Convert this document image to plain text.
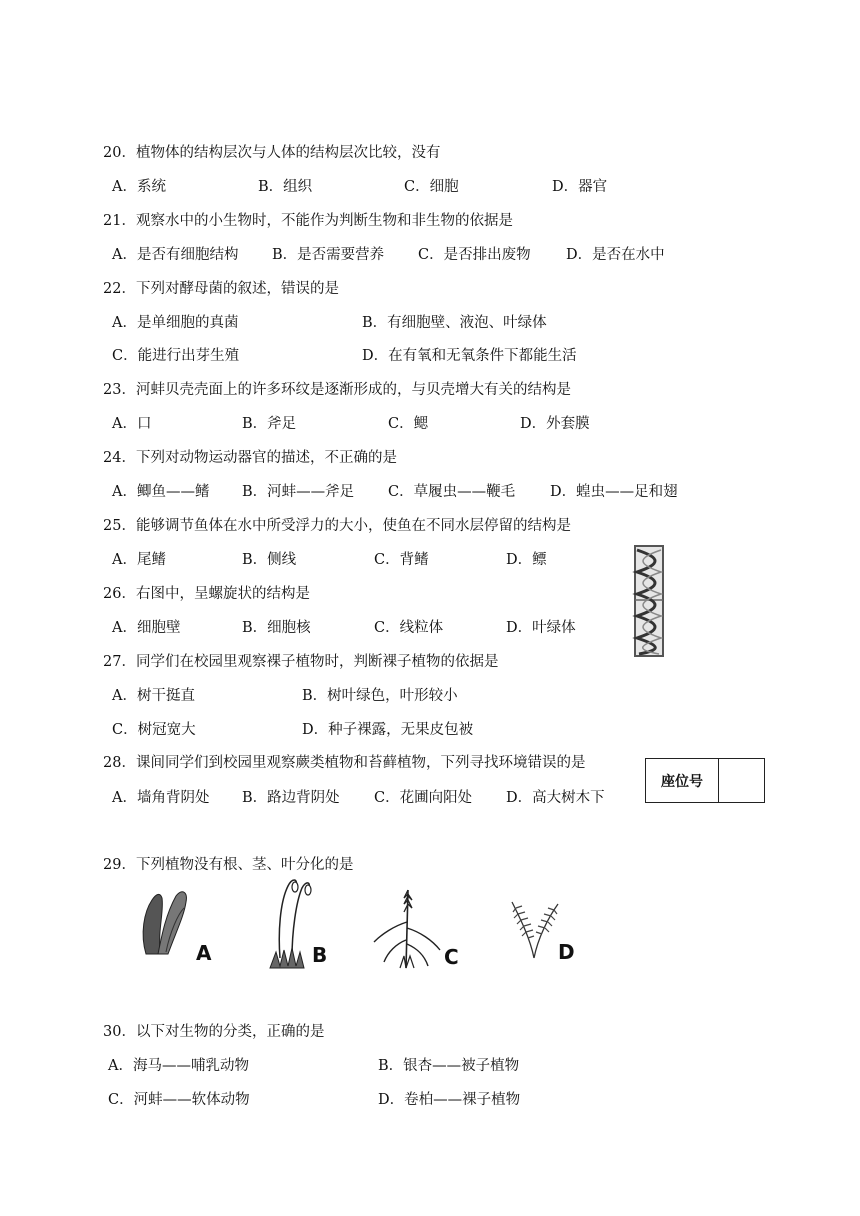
20．植物体的结构层次与人体的结构层次比较，没有
A．系统	B．组织	C．细胞	D．器官
21．观察水中的小生物时，不能作为判断生物和非生物的依据是
A．是否有细胞结构 B．是否需要营养 C．是否排出废物 D．是否在水中
22．下列对酵母菌的叙述，错误的是
A．是单细胞的真菌	B．有细胞壁、液泡、叶绿体
C．能进行出芽生殖	D．在有氧和无氧条件下都能生活
23．河蚌贝壳壳面上的许多环纹是逐渐形成的，与贝壳增大有关的结构是
A．口	B．斧足	C．鳃	D．外套膜
24．下列对动物运动器官的描述，不正确的是
A．鲫鱼——鳍 B．河蚌——斧足 C．草履虫——鞭毛 D．蝗虫——足和翅
25．能够调节鱼体在水中所受浮力的大小，使鱼在不同水层停留的结构是
A．尾鳍	B．侧线	C．背鳍	D．鳔
26．右图中，呈螺旋状的结构是
A．细胞壁	B．细胞核	C．线粒体	D．叶绿体
27．同学们在校园里观察裸子植物时，判断裸子植物的依据是
A．树干挺直	B．树叶绿色，叶形较小
C．树冠宽大	D．种子裸露，无果皮包被
28．课间同学们到校园里观察蕨类植物和苔藓植物，下列寻找环境错误的是
A．墙角背阴处 B．路边背阴处 C．花圃向阳处 D．高大树木下
座位号
29．下列植物没有根、茎、叶分化的是
A	B	C	D
30．以下对生物的分类，正确的是
A．海马——哺乳动物	B．银杏——被子植物
C．河蚌——软体动物	D．卷柏——裸子植物
